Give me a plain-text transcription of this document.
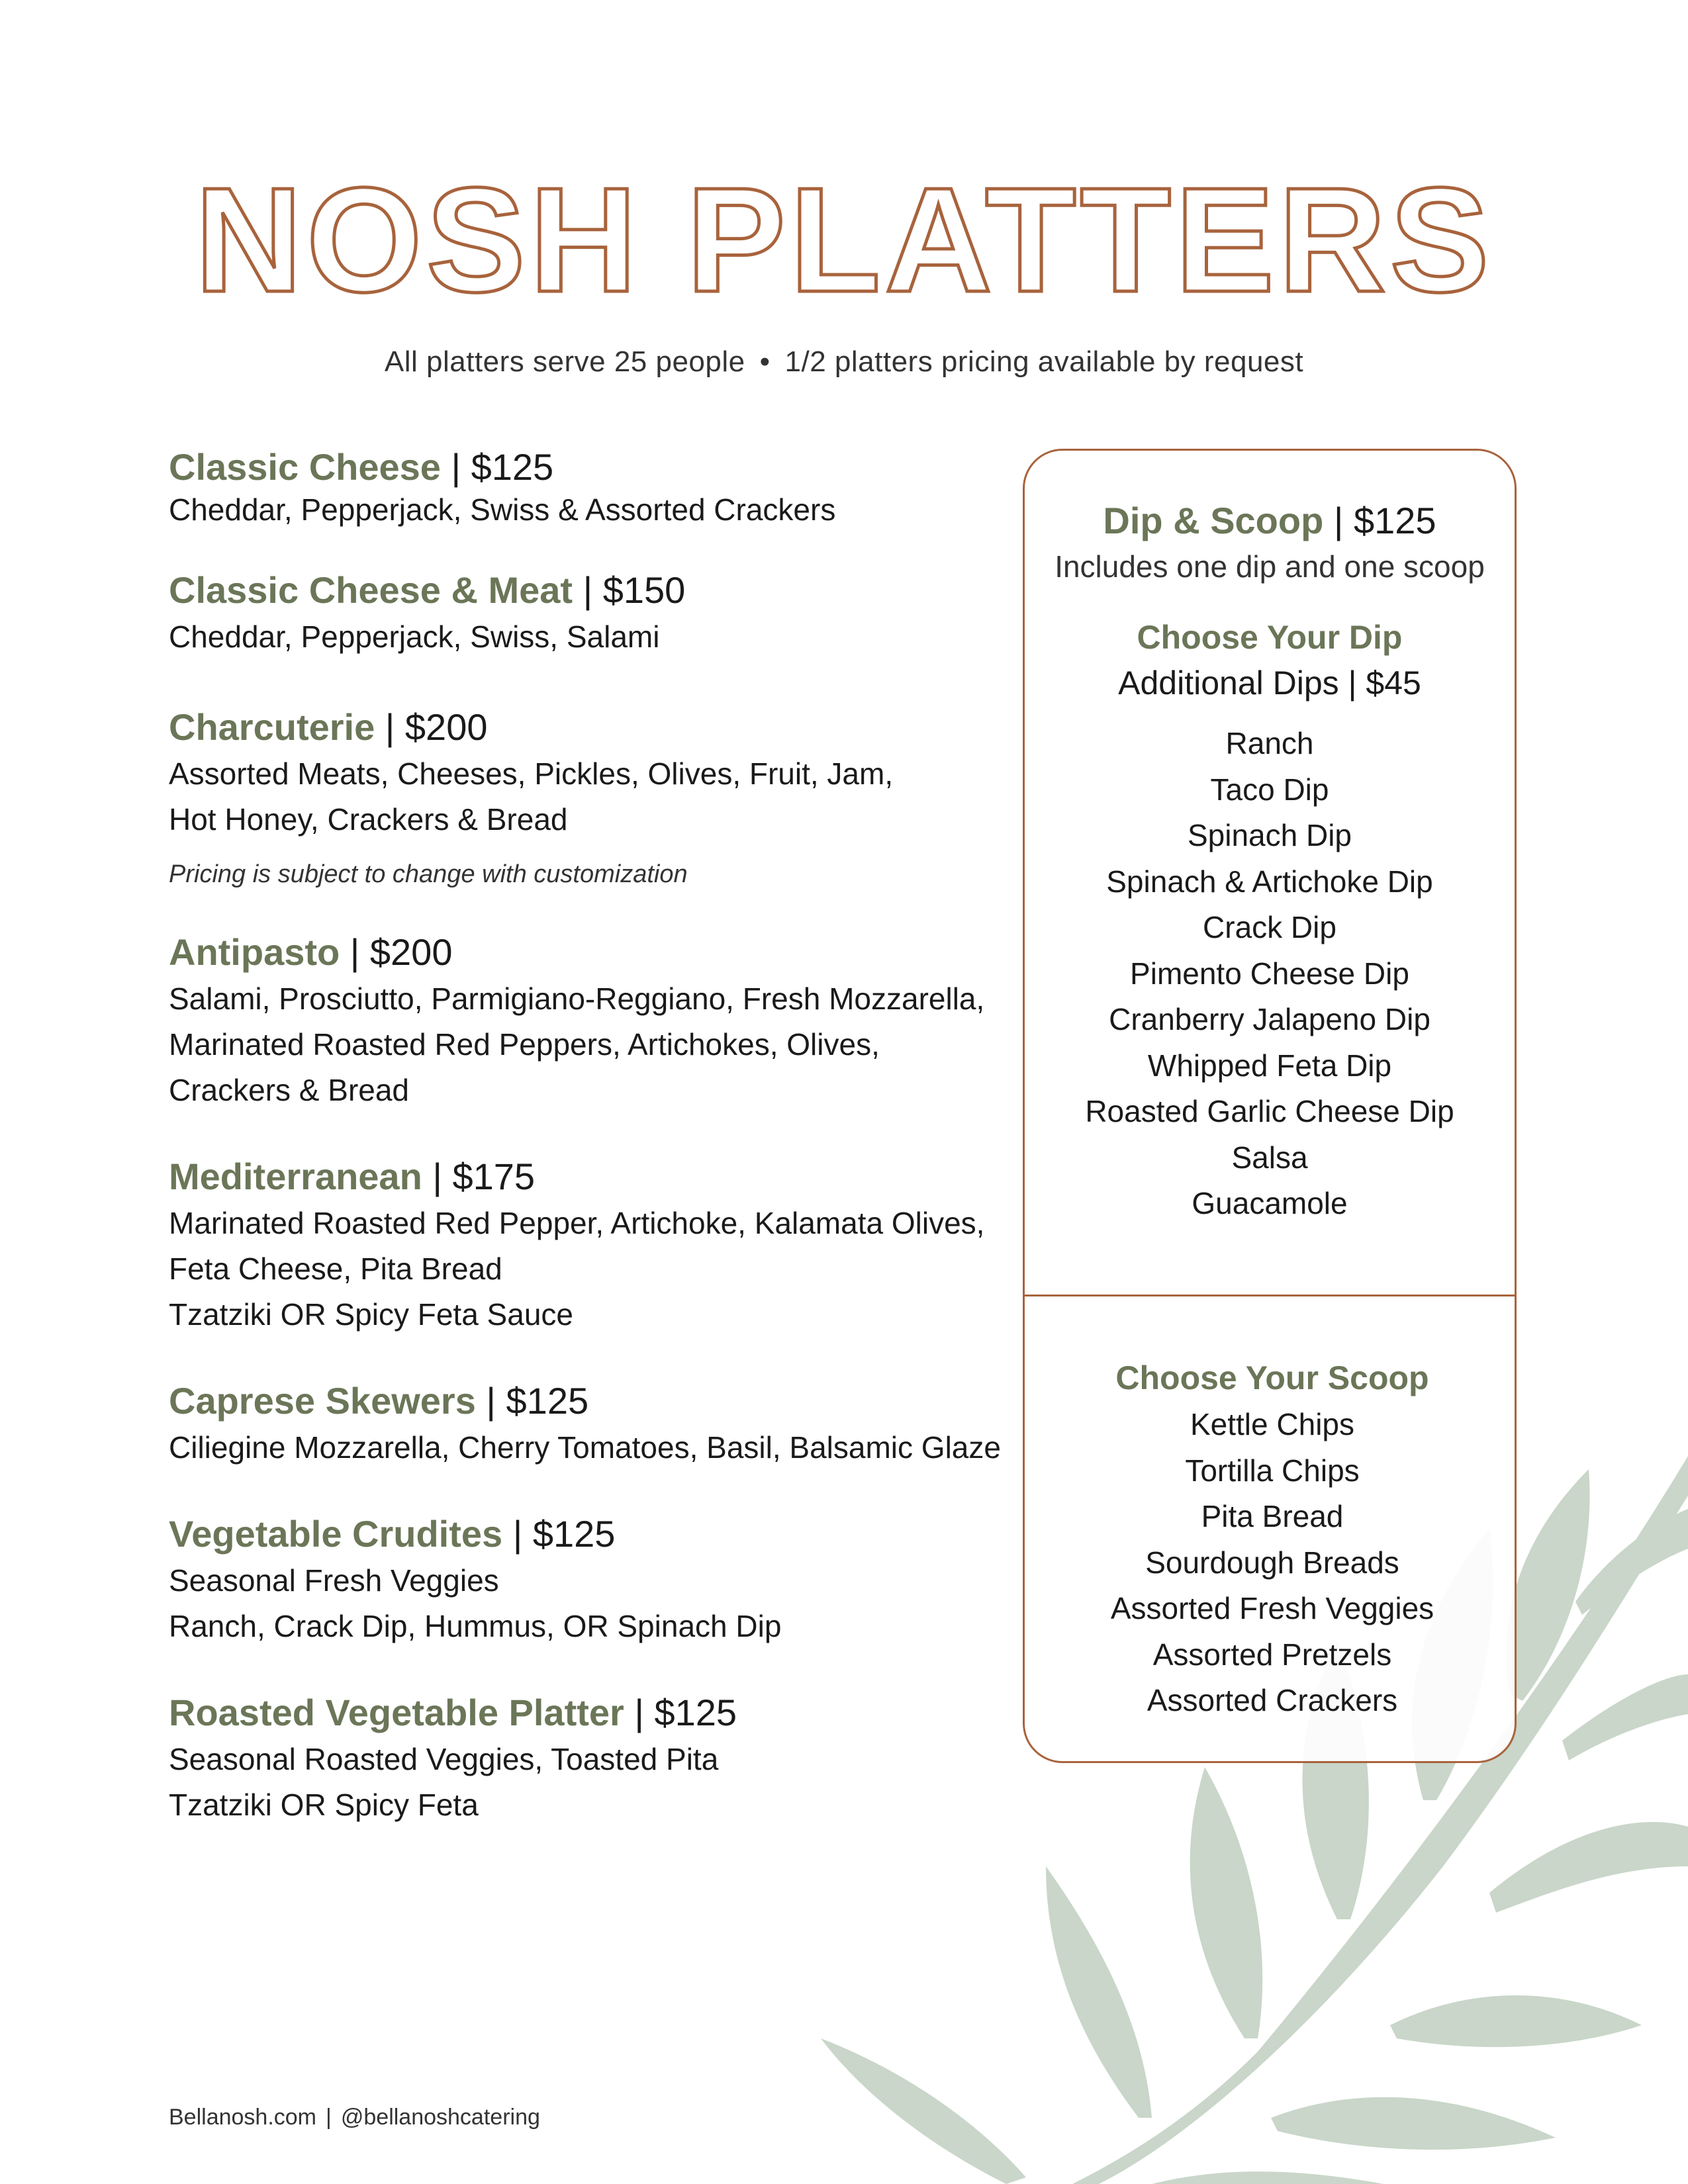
NOSH PLATTERS
All platters serve 25 people • 1/2 platters pricing available by request
Classic Cheese | $125
Cheddar, Pepperjack, Swiss & Assorted Crackers
Classic Cheese & Meat | $150
Cheddar, Pepperjack, Swiss, Salami
Charcuterie | $200
Assorted Meats, Cheeses, Pickles, Olives, Fruit, Jam,
Hot Honey, Crackers & Bread
Pricing is subject to change with customization
Antipasto | $200
Salami, Prosciutto, Parmigiano-Reggiano, Fresh Mozzarella,
Marinated Roasted Red Peppers, Artichokes, Olives,
Crackers & Bread
Mediterranean | $175
Marinated Roasted Red Pepper, Artichoke, Kalamata Olives,
Feta Cheese, Pita Bread
Tzatziki OR Spicy Feta Sauce
Caprese Skewers | $125
Ciliegine Mozzarella, Cherry Tomatoes, Basil, Balsamic Glaze
Vegetable Crudites | $125
Seasonal Fresh Veggies
Ranch, Crack Dip, Hummus, OR Spinach Dip
Roasted Vegetable Platter | $125
Seasonal Roasted Veggies, Toasted Pita
Tzatziki OR Spicy Feta
Dip & Scoop | $125
Includes one dip and one scoop
Choose Your Dip
Additional Dips | $45
Ranch
Taco Dip
Spinach Dip
Spinach & Artichoke Dip
Crack Dip
Pimento Cheese Dip
Cranberry Jalapeno Dip
Whipped Feta Dip
Roasted Garlic Cheese Dip
Salsa
Guacamole
Choose Your Scoop
Kettle Chips
Tortilla Chips
Pita Bread
Sourdough Breads
Assorted Fresh Veggies
Assorted Pretzels
Assorted Crackers
Bellanosh.com | @bellanoshcatering
